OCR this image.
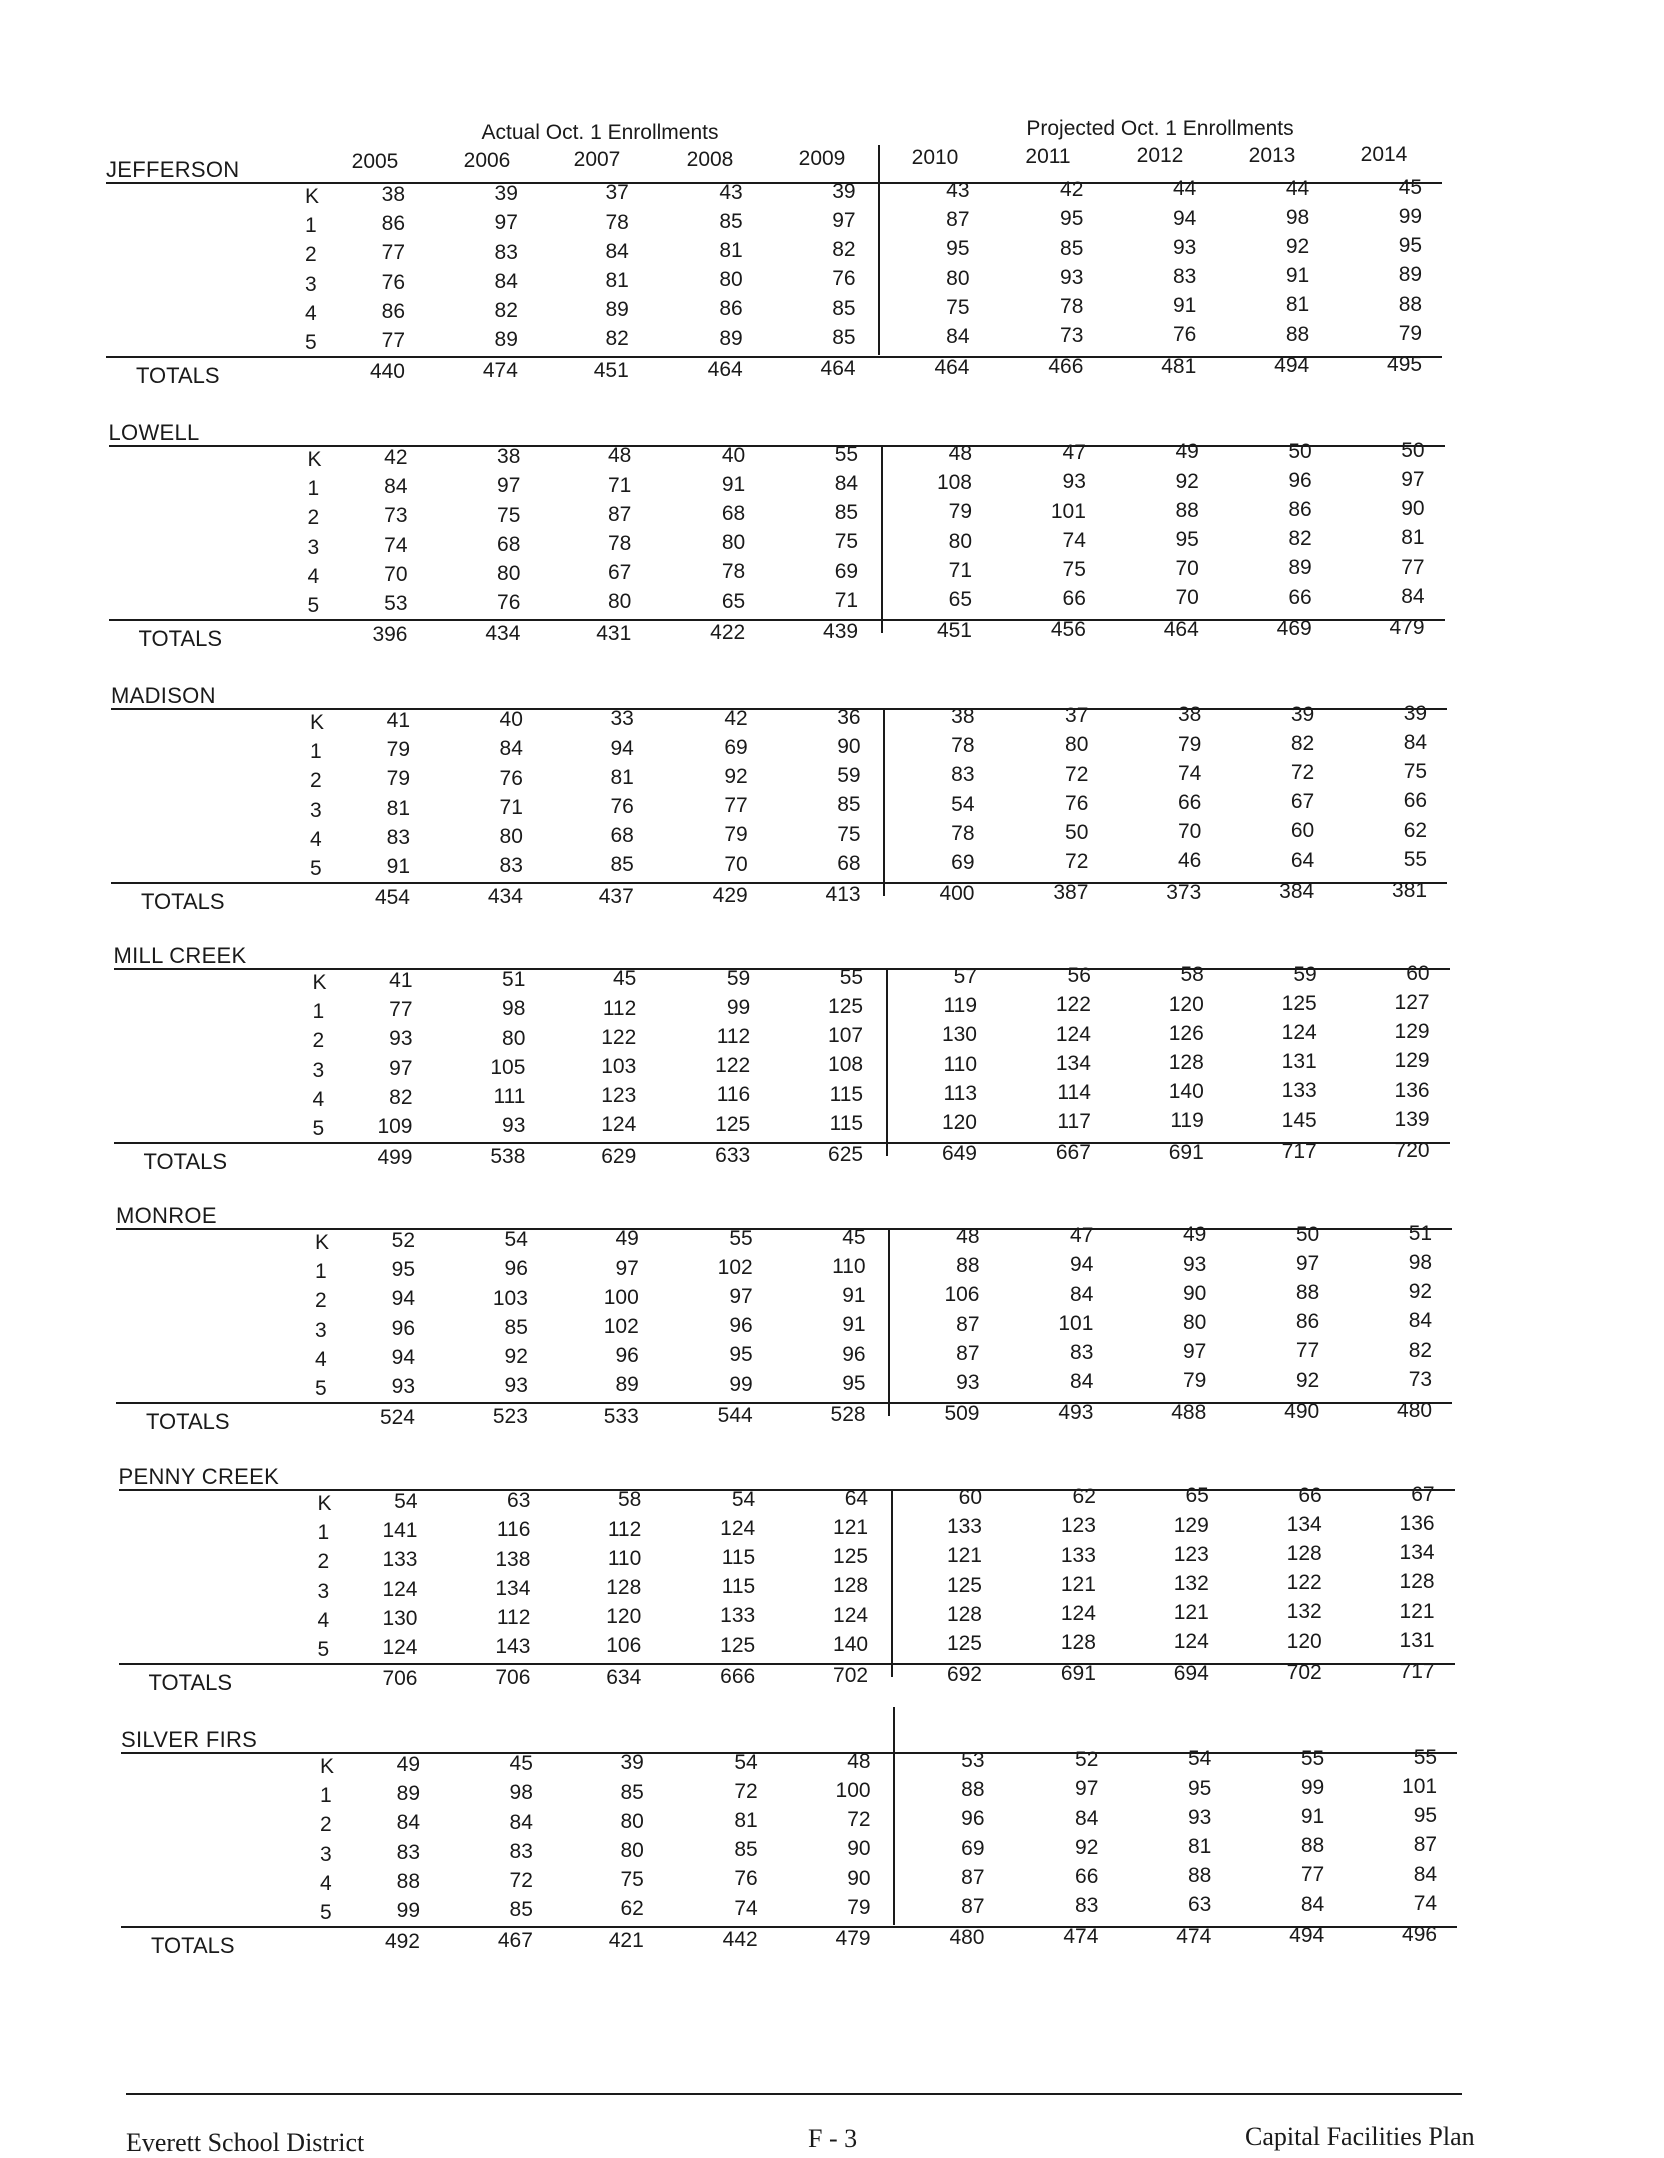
Actual Oct. 1 Enrollments	Projected Oct. 1 Enrollments
2005	2006	2007	2008	2009	2010	2011	2012	2013	2014
JEFFERSON
K	38	39	37	43	39	43	42	44	44	45
1	86	97	78	85	97	87	95	94	98	99
2	77	83	84	81	82	95	85	93	92	95
3	76	84	81	80	76	80	93	83	91	89
4	86	82	89	86	85	75	78	91	81	88
5	77	89	82	89	85	84	73	76	88	79
TOTALS	440	474	451	464	464	464	466	481	494	495
LOWELL
K	42	38	48	40	55	48	47	49	50	50
1	84	97	71	91	84	108	93	92	96	97
2	73	75	87	68	85	79	101	88	86	90
3	74	68	78	80	75	80	74	95	82	81
4	70	80	67	78	69	71	75	70	89	77
5	53	76	80	65	71	65	66	70	66	84
TOTALS	396	434	431	422	439	451	456	464	469	479
MADISON
K	41	40	33	42	36	38	37	38	39	39
1	79	84	94	69	90	78	80	79	82	84
2	79	76	81	92	59	83	72	74	72	75
3	81	71	76	77	85	54	76	66	67	66
4	83	80	68	79	75	78	50	70	60	62
5	91	83	85	70	68	69	72	46	64	55
TOTALS	454	434	437	429	413	400	387	373	384	381
MILL CREEK
K	41	51	45	59	55	57	56	58	59	60
1	77	98	112	99	125	119	122	120	125	127
2	93	80	122	112	107	130	124	126	124	129
3	97	105	103	122	108	110	134	128	131	129
4	82	111	123	116	115	113	114	140	133	136
5	109	93	124	125	115	120	117	119	145	139
TOTALS	499	538	629	633	625	649	667	691	717	720
MONROE
K	52	54	49	55	45	48	47	49	50	51
1	95	96	97	102	110	88	94	93	97	98
2	94	103	100	97	91	106	84	90	88	92
3	96	85	102	96	91	87	101	80	86	84
4	94	92	96	95	96	87	83	97	77	82
5	93	93	89	99	95	93	84	79	92	73
TOTALS	524	523	533	544	528	509	493	488	490	480
PENNY CREEK
K	54	63	58	54	64	60	62	65	66	67
1	141	116	112	124	121	133	123	129	134	136
2	133	138	110	115	125	121	133	123	128	134
3	124	134	128	115	128	125	121	132	122	128
4	130	112	120	133	124	128	124	121	132	121
5	124	143	106	125	140	125	128	124	120	131
TOTALS	706	706	634	666	702	692	691	694	702	717
SILVER FIRS
K	49	45	39	54	48	53	52	54	55	55
1	89	98	85	72	100	88	97	95	99	101
2	84	84	80	81	72	96	84	93	91	95
3	83	83	80	85	90	69	92	81	88	87
4	88	72	75	76	90	87	66	88	77	84
5	99	85	62	74	79	87	83	63	84	74
TOTALS	492	467	421	442	479	480	474	474	494	496
Everett School District	F - 3	Capital Facilities Plan
